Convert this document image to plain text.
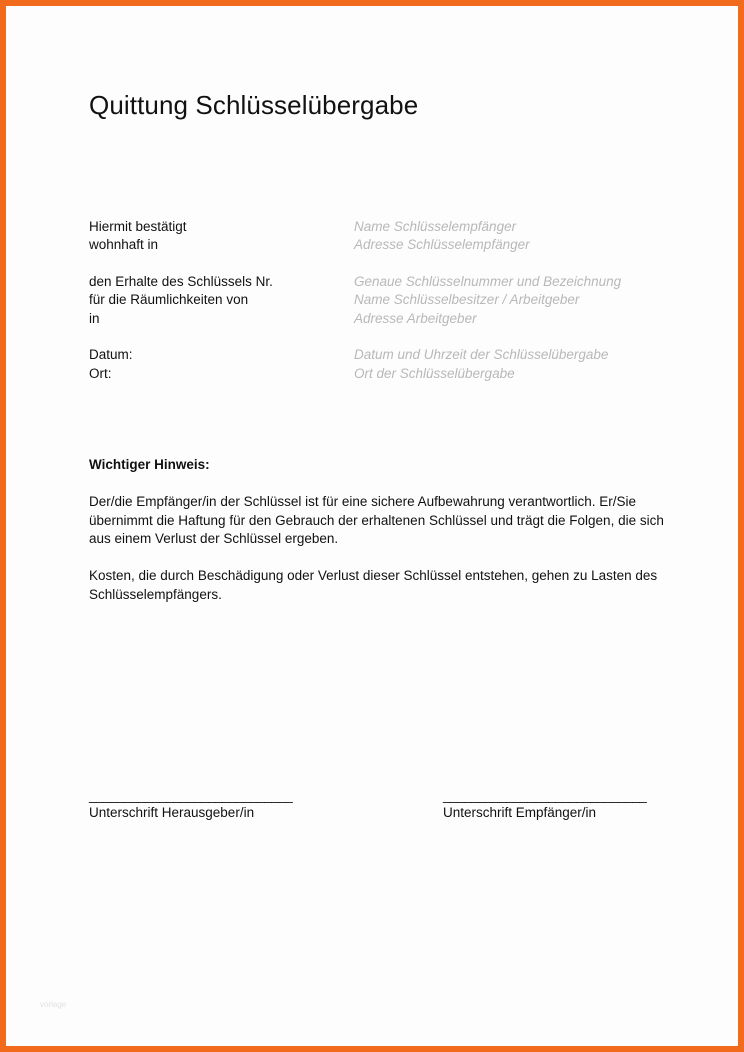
Quittung Schlüsselübergabe
Hiermit bestätigt	Name Schlüsselempfänger
wohnhaft in	Adresse Schlüsselempfänger
den Erhalte des Schlüssels Nr.	Genaue Schlüsselnummer und Bezeichnung
für die Räumlichkeiten von	Name Schlüsselbesitzer / Arbeitgeber
in	Adresse Arbeitgeber
Datum:	Datum und Uhrzeit der Schlüsselübergabe
Ort:	Ort der Schlüsselübergabe
Wichtiger Hinweis:

Der/die Empfänger/in der Schlüssel ist für eine sichere Aufbewahrung verantwortlich. Er/Sie übernimmt die Haftung für den Gebrauch der erhaltenen Schlüssel und trägt die Folgen, die sich aus einem Verlust der Schlüssel ergeben.

Kosten, die durch Beschädigung oder Verlust dieser Schlüssel entstehen, gehen zu Lasten des Schlüsselempfängers.

_____________________________
Unterschrift Herausgeber/in
_____________________________
Unterschrift Empfänger/in
vorlage
